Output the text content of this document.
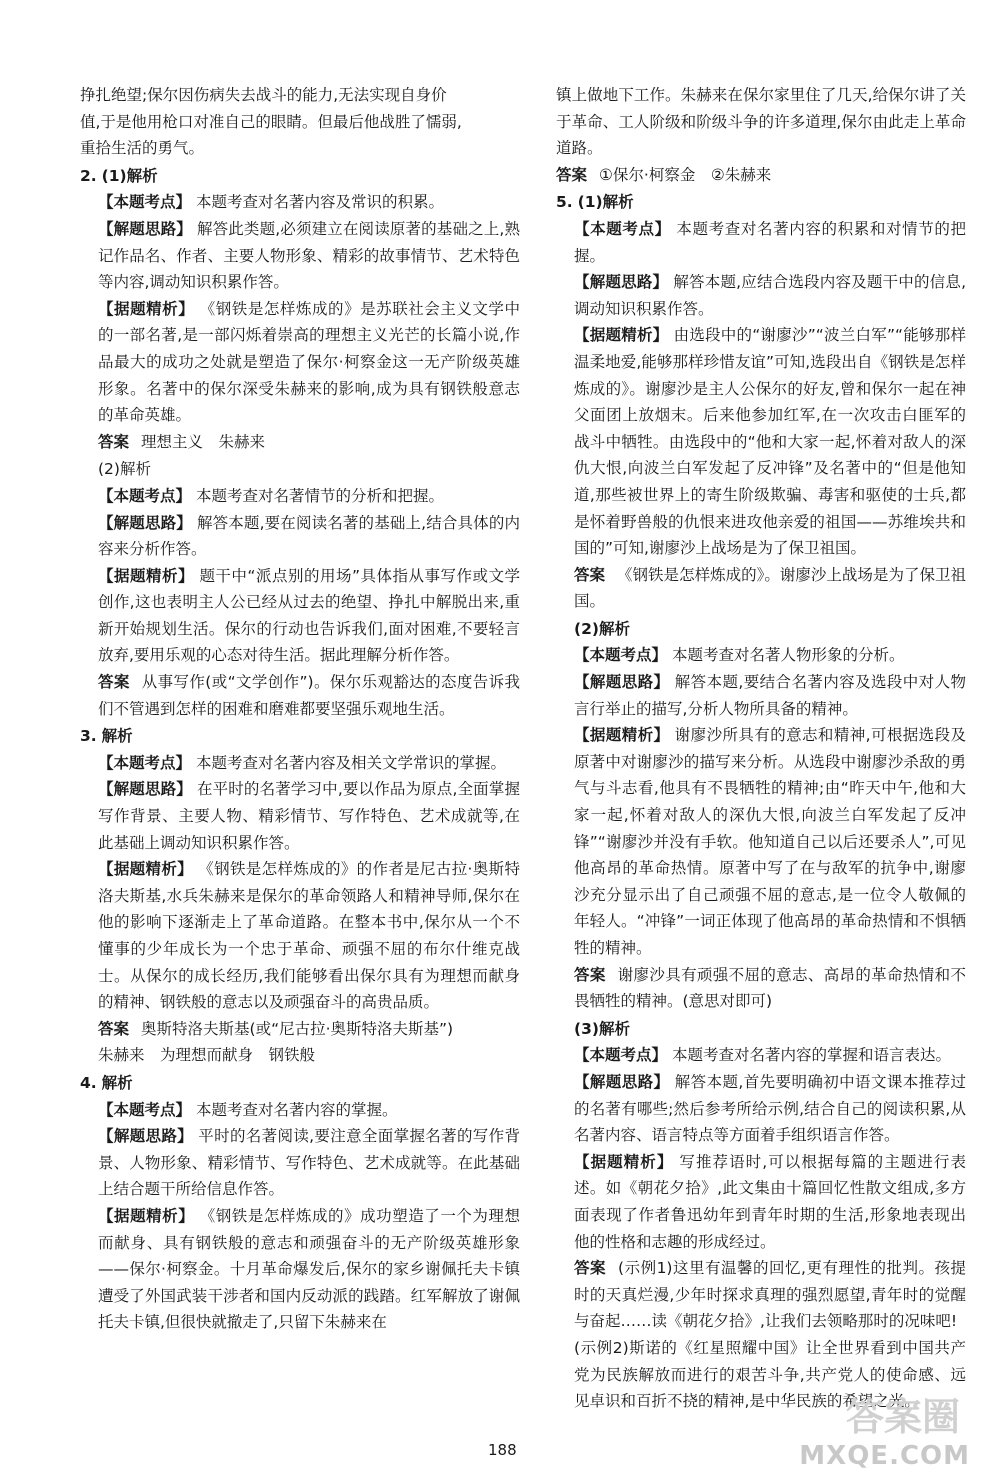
挣扎绝望;保尔因伤病失去战斗的能力,无法实现自身价

值,于是他用枪口对准自己的眼睛。但最后他战胜了懦弱,

重拾生活的勇气。

2. (1)解析

【本题考点】 本题考查对名著内容及常识的积累。

【解题思路】 解答此类题,必须建立在阅读原著的基础之上,熟记作品名、作者、主要人物形象、精彩的故事情节、艺术特色等内容,调动知识积累作答。

【据题精析】 《钢铁是怎样炼成的》是苏联社会主义文学中的一部名著,是一部闪烁着崇高的理想主义光芒的长篇小说,作品最大的成功之处就是塑造了保尔·柯察金这一无产阶级英雄形象。名著中的保尔深受朱赫来的影响,成为具有钢铁般意志的革命英雄。

答案 理想主义　朱赫来

(2)解析

【本题考点】 本题考查对名著情节的分析和把握。

【解题思路】 解答本题,要在阅读名著的基础上,结合具体的内容来分析作答。

【据题精析】 题干中“派点别的用场”具体指从事写作或文学创作,这也表明主人公已经从过去的绝望、挣扎中解脱出来,重新开始规划生活。保尔的行动也告诉我们,面对困难,不要轻言放弃,要用乐观的心态对待生活。据此理解分析作答。

答案 从事写作(或“文学创作”)。保尔乐观豁达的态度告诉我们不管遇到怎样的困难和磨难都要坚强乐观地生活。

3. 解析

【本题考点】 本题考查对名著内容及相关文学常识的掌握。

【解题思路】 在平时的名著学习中,要以作品为原点,全面掌握写作背景、主要人物、精彩情节、写作特色、艺术成就等,在此基础上调动知识积累作答。

【据题精析】 《钢铁是怎样炼成的》的作者是尼古拉·奥斯特洛夫斯基,水兵朱赫来是保尔的革命领路人和精神导师,保尔在他的影响下逐渐走上了革命道路。在整本书中,保尔从一个不懂事的少年成长为一个忠于革命、顽强不屈的布尔什维克战士。从保尔的成长经历,我们能够看出保尔具有为理想而献身的精神、钢铁般的意志以及顽强奋斗的高贵品质。

答案 奥斯特洛夫斯基(或“尼古拉·奥斯特洛夫斯基”)

朱赫来　为理想而献身　钢铁般

4. 解析

【本题考点】 本题考查对名著内容的掌握。

【解题思路】 平时的名著阅读,要注意全面掌握名著的写作背景、人物形象、精彩情节、写作特色、艺术成就等。在此基础上结合题干所给信息作答。

【据题精析】 《钢铁是怎样炼成的》成功塑造了一个为理想而献身、具有钢铁般的意志和顽强奋斗的无产阶级英雄形象——保尔·柯察金。十月革命爆发后,保尔的家乡谢佩托夫卡镇遭受了外国武装干涉者和国内反动派的践踏。红军解放了谢佩托夫卡镇,但很快就撤走了,只留下朱赫来在

镇上做地下工作。朱赫来在保尔家里住了几天,给保尔讲了关于革命、工人阶级和阶级斗争的许多道理,保尔由此走上革命道路。

答案 ①保尔·柯察金　②朱赫来

5. (1)解析

【本题考点】 本题考查对名著内容的积累和对情节的把握。

【解题思路】 解答本题,应结合选段内容及题干中的信息,调动知识积累作答。

【据题精析】 由选段中的“谢廖沙”“波兰白军”“能够那样温柔地爱,能够那样珍惜友谊”可知,选段出自《钢铁是怎样炼成的》。谢廖沙是主人公保尔的好友,曾和保尔一起在神父面团上放烟末。后来他参加红军,在一次攻击白匪军的战斗中牺牲。由选段中的“他和大家一起,怀着对敌人的深仇大恨,向波兰白军发起了反冲锋”及名著中的“但是他知道,那些被世界上的寄生阶级欺骗、毒害和驱使的士兵,都是怀着野兽般的仇恨来进攻他亲爱的祖国——苏维埃共和国的”可知,谢廖沙上战场是为了保卫祖国。

答案 《钢铁是怎样炼成的》。谢廖沙上战场是为了保卫祖国。

(2)解析

【本题考点】 本题考查对名著人物形象的分析。

【解题思路】 解答本题,要结合名著内容及选段中对人物言行举止的描写,分析人物所具备的精神。

【据题精析】 谢廖沙所具有的意志和精神,可根据选段及原著中对谢廖沙的描写来分析。从选段中谢廖沙杀敌的勇气与斗志看,他具有不畏牺牲的精神;由“昨天中午,他和大家一起,怀着对敌人的深仇大恨,向波兰白军发起了反冲锋”“谢廖沙并没有手软。他知道自己以后还要杀人”,可见他高昂的革命热情。原著中写了在与敌军的抗争中,谢廖沙充分显示出了自己顽强不屈的意志,是一位令人敬佩的年轻人。“冲锋”一词正体现了他高昂的革命热情和不惧牺牲的精神。

答案 谢廖沙具有顽强不屈的意志、高昂的革命热情和不畏牺牲的精神。(意思对即可)

(3)解析

【本题考点】 本题考查对名著内容的掌握和语言表达。

【解题思路】 解答本题,首先要明确初中语文课本推荐过的名著有哪些;然后参考所给示例,结合自己的阅读积累,从名著内容、语言特点等方面着手组织语言作答。

【据题精析】 写推荐语时,可以根据每篇的主题进行表述。如《朝花夕拾》,此文集由十篇回忆性散文组成,多方面表现了作者鲁迅幼年到青年时期的生活,形象地表现出他的性格和志趣的形成经过。

答案 (示例1)这里有温馨的回忆,更有理性的批判。孩提时的天真烂漫,少年时探求真理的强烈愿望,青年时的觉醒与奋起……读《朝花夕拾》,让我们去领略那时的况味吧!

(示例2)斯诺的《红星照耀中国》让全世界看到中国共产党为民族解放而进行的艰苦斗争,共产党人的使命感、远见卓识和百折不挠的精神,是中华民族的希望之光。

188
答案圈
MXQE.COM
